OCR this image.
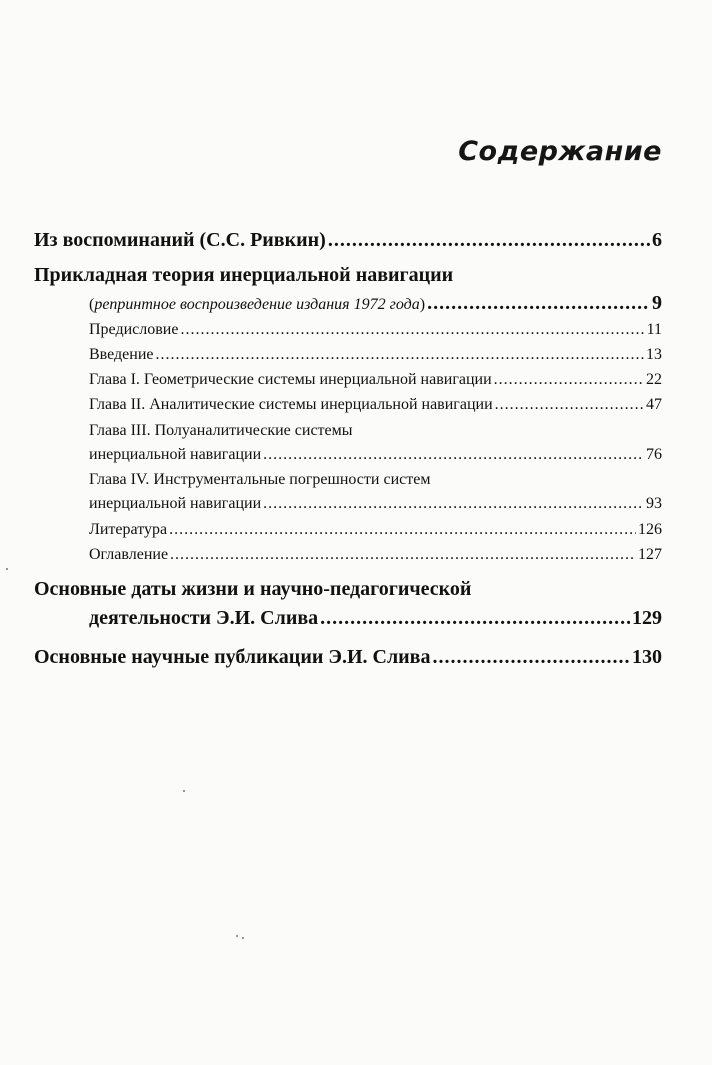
Содержание
Из воспоминаний (С.С. Ривкин) .....	6
Прикладная теория инерциальной навигации
(репринтное воспроизведение издания 1972 года) .....	9
Предисловие .....	11
Введение .....	13
Глава I. Геометрические системы инерциальной навигации .....	22
Глава II. Аналитические системы инерциальной навигации .....	47
Глава III. Полуаналитические системы
инерциальной навигации .....	76
Глава IV. Инструментальные погрешности систем
инерциальной навигации .....	93
Литература .....	126
Оглавление .....	127
Основные даты жизни и научно-педагогической
деятельности Э.И. Слива .....	129
Основные научные публикации Э.И. Слива .....	130
